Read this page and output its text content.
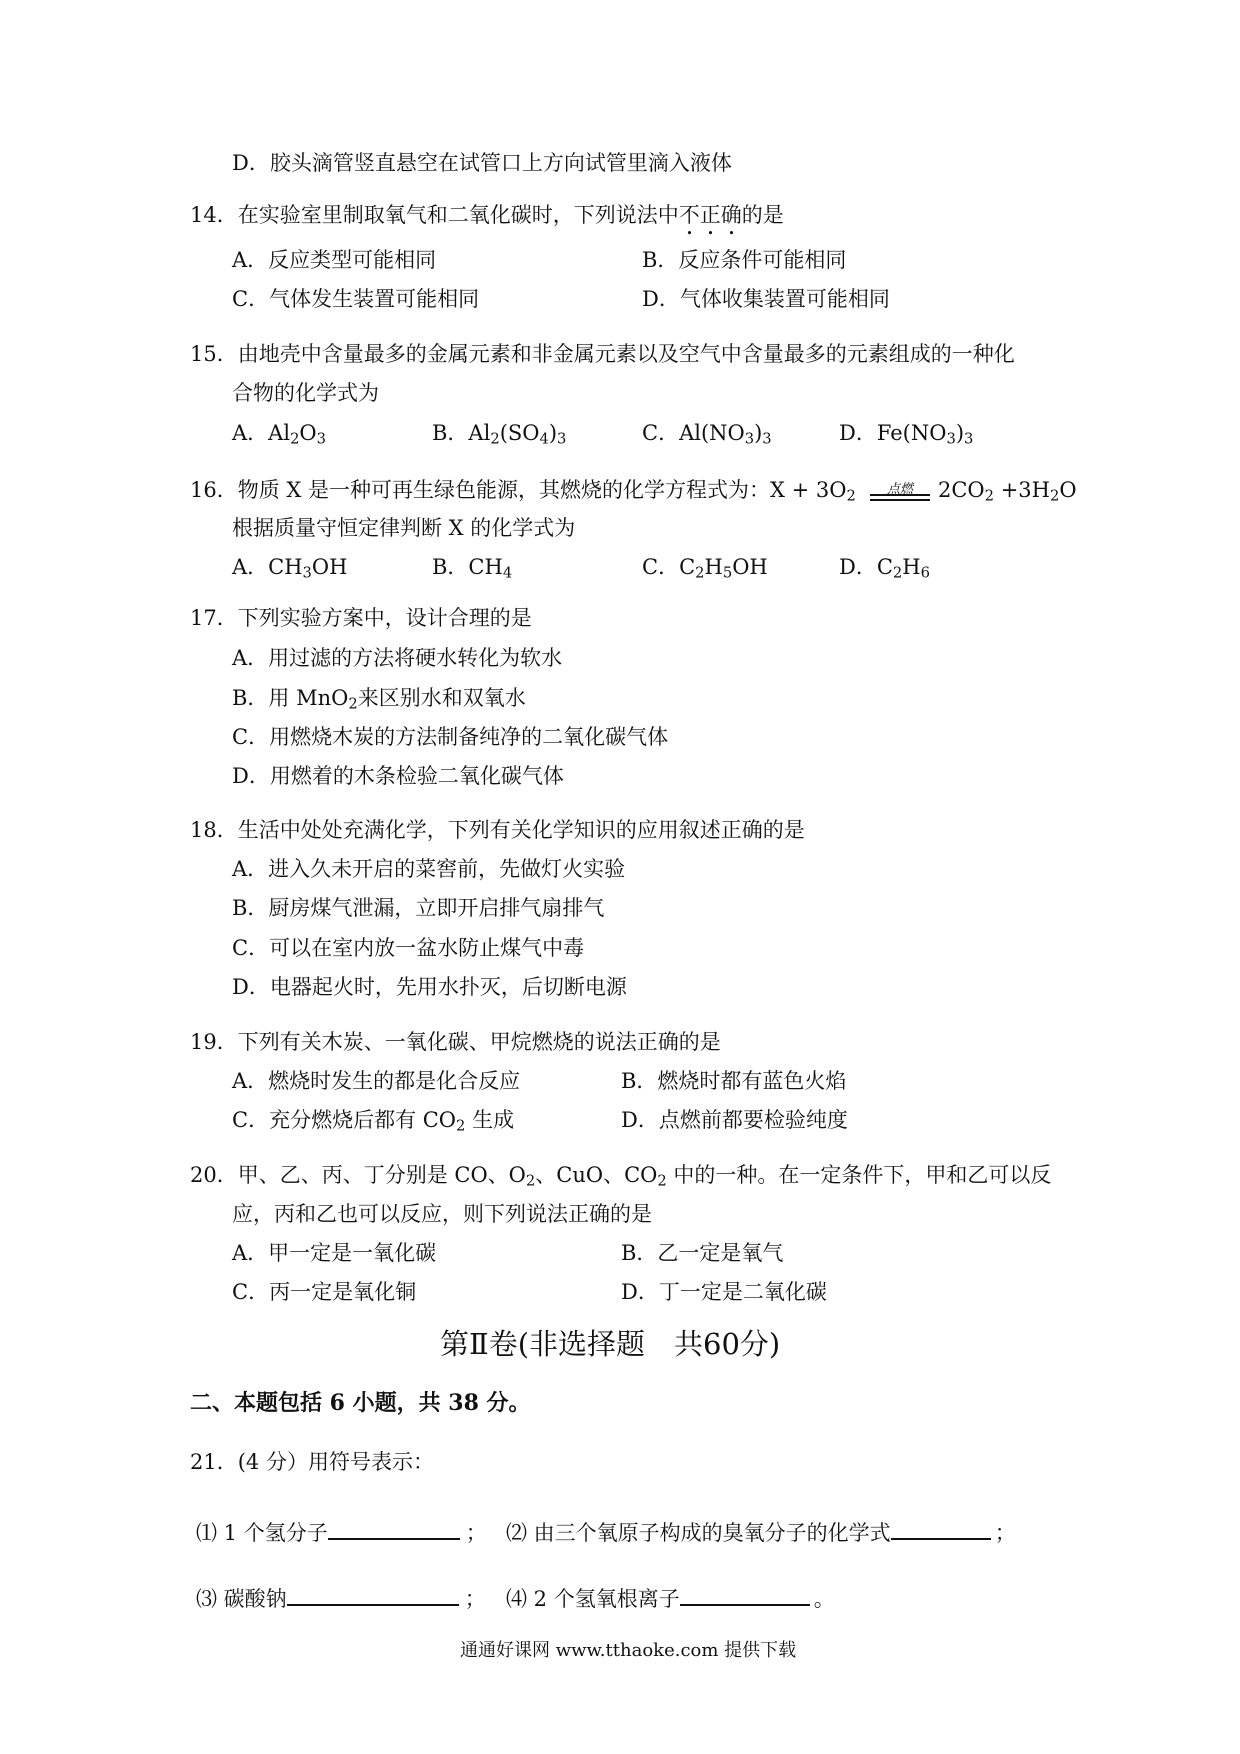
D．胶头滴管竖直悬空在试管口上方向试管里滴入液体
14．在实验室里制取氧气和二氧化碳时，下列说法中不正确的是
A．反应类型可能相同	B．反应条件可能相同
C．气体发生装置可能相同	D．气体收集装置可能相同
15．由地壳中含量最多的金属元素和非金属元素以及空气中含量最多的元素组成的一种化
合物的化学式为
A．$Al_2O_3$	B．$Al_2(SO_4)_3$	C．$Al(NO_3)_3$	D．$Fe(NO_3)_3$
16．物质 X 是一种可再生绿色能源，其燃烧的化学方程式为：$X + 3O_2$	点燃	$2CO_2 +3H_2O$
根据质量守恒定律判断 X 的化学式为
A．$CH_3OH$	B．$CH_4$	C．$C_2H_5OH$	D．$C_2H_6$
17．下列实验方案中，设计合理的是
A．用过滤的方法将硬水转化为软水
B．用 MnO$_2$来区别水和双氧水
C．用燃烧木炭的方法制备纯净的二氧化碳气体
D．用燃着的木条检验二氧化碳气体
18．生活中处处充满化学，下列有关化学知识的应用叙述正确的是
A．进入久未开启的菜窖前，先做灯火实验
B．厨房煤气泄漏，立即开启排气扇排气
C．可以在室内放一盆水防止煤气中毒
D．电器起火时，先用水扑灭，后切断电源
19．下列有关木炭、一氧化碳、甲烷燃烧的说法正确的是
A．燃烧时发生的都是化合反应	B．燃烧时都有蓝色火焰
C．充分燃烧后都有 $CO_2$ 生成	D．点燃前都要检验纯度
20．甲、乙、丙、丁分别是 CO、$O_2$、CuO、$CO_2$ 中的一种。在一定条件下，甲和乙可以反
应，丙和乙也可以反应，则下列说法正确的是
A．甲一定是一氧化碳	B．乙一定是氧气
C．丙一定是氧化铜	D．丁一定是二氧化碳
第Ⅱ卷(非选择题　共60分)
二、本题包括 6 小题，共 38 分。
21．(4 分）用符号表示：
⑴ 1 个氢分子	； ⑵ 由三个氧原子构成的臭氧分子的化学式	；
⑶ 碳酸钠	； ⑷ 2 个氢氧根离子	。
通通好课网 www.tthaoke.com 提供下载
